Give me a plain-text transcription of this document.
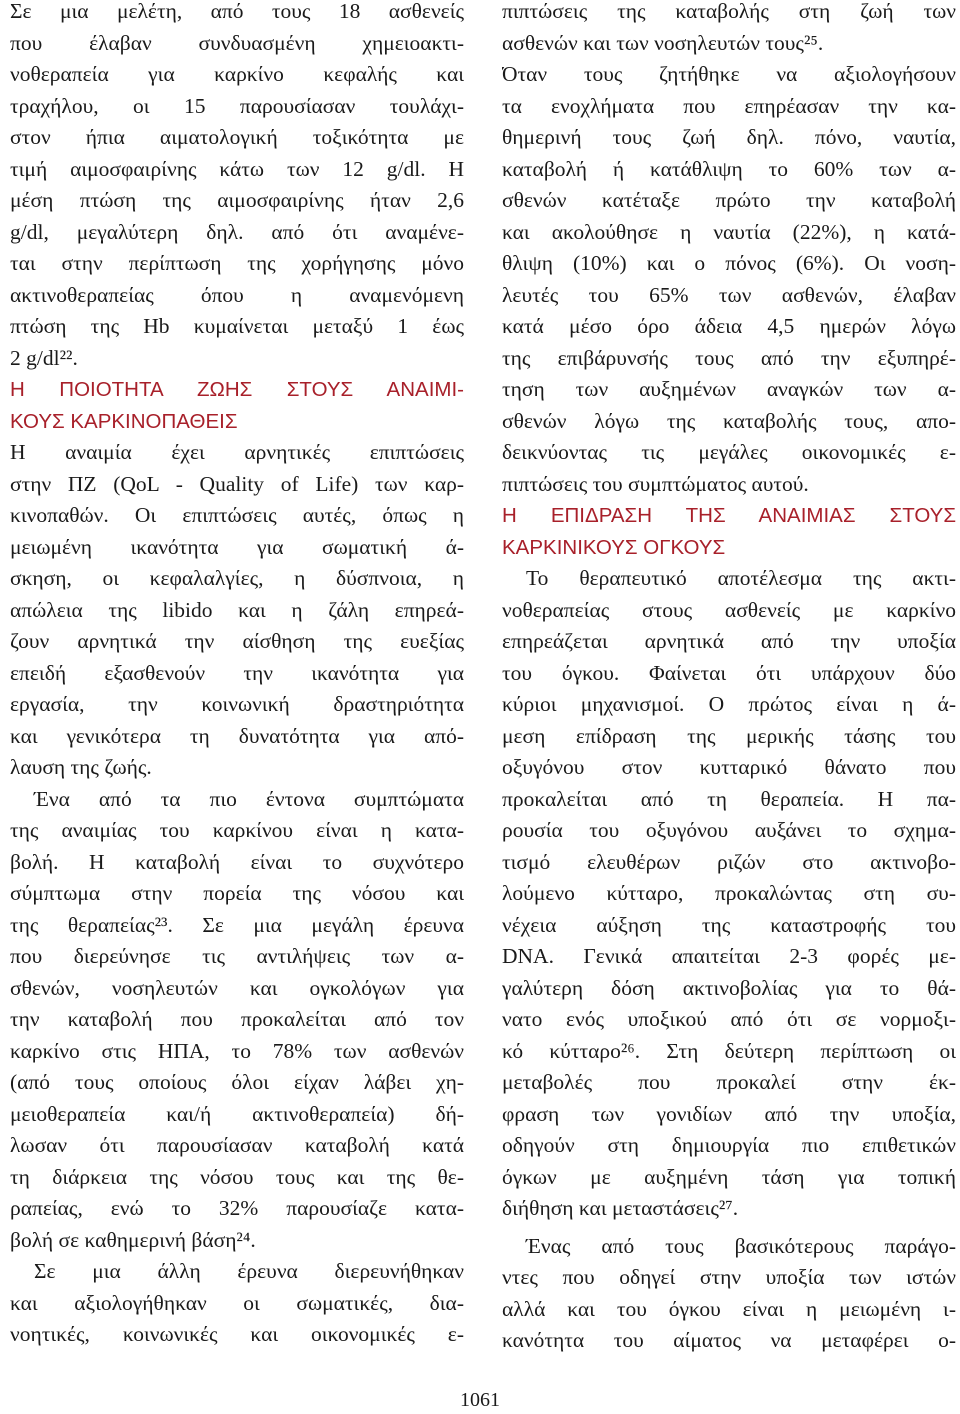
Σε μια μελέτη, από τους 18 ασθενείς
που έλαβαν συνδυασμένη χημειοακτι-
νοθεραπεία για καρκίνο κεφαλής και
τραχήλου, οι 15 παρουσίασαν τουλάχι-
στον ήπια αιματολογική τοξικότητα με
τιμή αιμοσφαιρίνης κάτω των 12 g/dl. Η
μέση πτώση της αιμοσφαιρίνης ήταν 2,6
g/dl, μεγαλύτερη δηλ. από ότι αναμένε-
ται στην περίπτωση της χορήγησης μόνο
ακτινοθεραπείας όπου η αναμενόμενη
πτώση της Hb κυμαίνεται μεταξύ 1 έως
2 g/dl²².
Η ΠΟΙΟΤΗΤΑ ΖΩΗΣ ΣΤΟΥΣ ΑΝΑΙΜΙ-
ΚΟΥΣ ΚΑΡΚΙΝΟΠΑΘΕΙΣ
Η αναιμία έχει αρνητικές επιπτώσεις
στην ΠΖ (QoL - Quality of Life) των καρ-
κινοπαθών. Οι επιπτώσεις αυτές, όπως η
μειωμένη ικανότητα για σωματική ά-
σκηση, οι κεφαλαλγίες, η δύσπνοια, η
απώλεια της libido και η ζάλη επηρεά-
ζουν αρνητικά την αίσθηση της ευεξίας
επειδή εξασθενούν την ικανότητα για
εργασία, την κοινωνική δραστηριότητα
και γενικότερα τη δυνατότητα για από-
λαυση της ζωής.
Ένα από τα πιο έντονα συμπτώματα
της αναιμίας του καρκίνου είναι η κατα-
βολή. Η καταβολή είναι το συχνότερο
σύμπτωμα στην πορεία της νόσου και
της θεραπείας²³. Σε μια μεγάλη έρευνα
που διερεύνησε τις αντιλήψεις των α-
σθενών, νοσηλευτών και ογκολόγων για
την καταβολή που προκαλείται από τον
καρκίνο στις ΗΠΑ, το 78% των ασθενών
(από τους οποίους όλοι είχαν λάβει χη-
μειοθεραπεία και/ή ακτινοθεραπεία) δή-
λωσαν ότι παρουσίασαν καταβολή κατά
τη διάρκεια της νόσου τους και της θε-
ραπείας, ενώ το 32% παρουσίαζε κατα-
βολή σε καθημερινή βάση²⁴.
Σε μια άλλη έρευνα διερευνήθηκαν
και αξιολογήθηκαν οι σωματικές, δια-
νοητικές, κοινωνικές και οικονομικές ε-
πιπτώσεις της καταβολής στη ζωή των
ασθενών και των νοσηλευτών τους²⁵.
Όταν τους ζητήθηκε να αξιολογήσουν
τα ενοχλήματα που επηρέασαν την κα-
θημερινή τους ζωή δηλ. πόνο, ναυτία,
καταβολή ή κατάθλιψη το 60% των α-
σθενών κατέταξε πρώτο την καταβολή
και ακολούθησε η ναυτία (22%), η κατά-
θλιψη (10%) και ο πόνος (6%). Οι νοση-
λευτές του 65% των ασθενών, έλαβαν
κατά μέσο όρο άδεια 4,5 ημερών λόγω
της επιβάρυνσής τους από την εξυπηρέ-
τηση των αυξημένων αναγκών των α-
σθενών λόγω της καταβολής τους, απο-
δεικνύοντας τις μεγάλες οικονομικές ε-
πιπτώσεις του συμπτώματος αυτού.
Η ΕΠΙΔΡΑΣΗ ΤΗΣ ΑΝΑΙΜΙΑΣ ΣΤΟΥΣ
ΚΑΡΚΙΝΙΚΟΥΣ ΟΓΚΟΥΣ
Το θεραπευτικό αποτέλεσμα της ακτι-
νοθεραπείας στους ασθενείς με καρκίνο
επηρεάζεται αρνητικά από την υποξία
του όγκου. Φαίνεται ότι υπάρχουν δύο
κύριοι μηχανισμοί. Ο πρώτος είναι η ά-
μεση επίδραση της μερικής τάσης του
οξυγόνου στον κυτταρικό θάνατο που
προκαλείται από τη θεραπεία. Η πα-
ρουσία του οξυγόνου αυξάνει το σχημα-
τισμό ελευθέρων ριζών στο ακτινοβο-
λούμενο κύτταρο, προκαλώντας στη συ-
νέχεια αύξηση της καταστροφής του
DNA. Γενικά απαιτείται 2-3 φορές με-
γαλύτερη δόση ακτινοβολίας για το θά-
νατο ενός υποξικού από ότι σε νορμοξι-
κό κύτταρο²⁶. Στη δεύτερη περίπτωση οι
μεταβολές που προκαλεί στην έκ-
φραση των γονιδίων από την υποξία,
οδηγούν στη δημιουργία πιο επιθετικών
όγκων με αυξημένη τάση για τοπική
διήθηση και μεταστάσεις²⁷.
Ένας από τους βασικότερους παράγο-
ντες που οδηγεί στην υποξία των ιστών
αλλά και του όγκου είναι η μειωμένη ι-
κανότητα του αίματος να μεταφέρει ο-
1061
